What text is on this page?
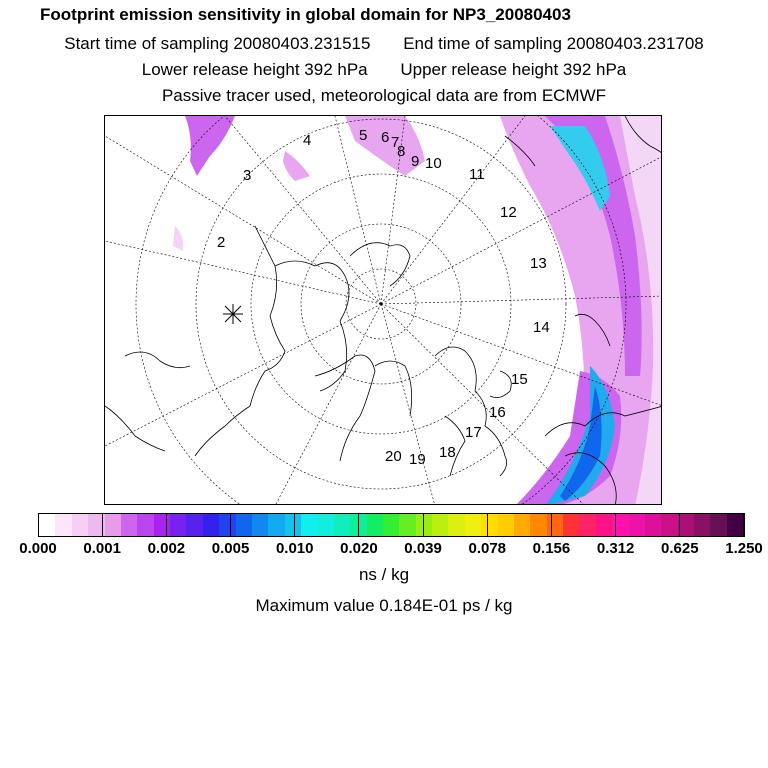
Footprint emission sensitivity in global domain for NP3_20080403
Start time of sampling 20080403.231515 End time of sampling 20080403.231708
Lower release height 392 hPa Upper release height 392 hPa
Passive tracer used, meteorological data are from ECMWF
2
3
4	5 6 7
8
9 10
11
12
13
14
15
16
17
18
19
20
0.000 0.001 0.002 0.005 0.010 0.020 0.039 0.078 0.156 0.312 0.625 1.250
ns / kg
Maximum value 0.184E-01 ps / kg
